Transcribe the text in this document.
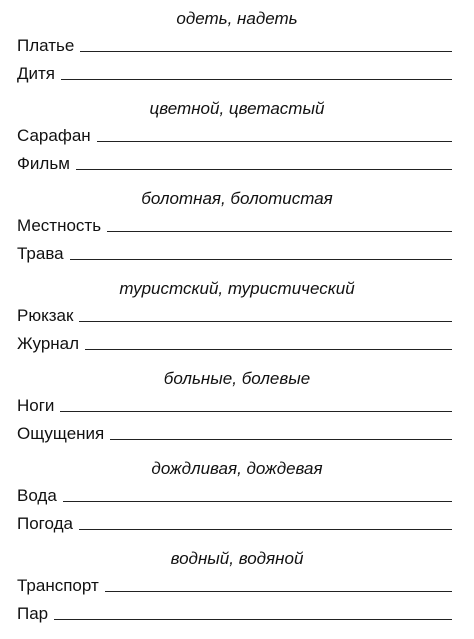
одеть, надеть
Платье
Дитя
цветной, цветастый
Сарафан
Фильм
болотная, болотистая
Местность
Трава
туристский, туристический
Рюкзак
Журнал
больные, болевые
Ноги
Ощущения
дождливая, дождевая
Вода
Погода
водный, водяной
Транспорт
Пар
